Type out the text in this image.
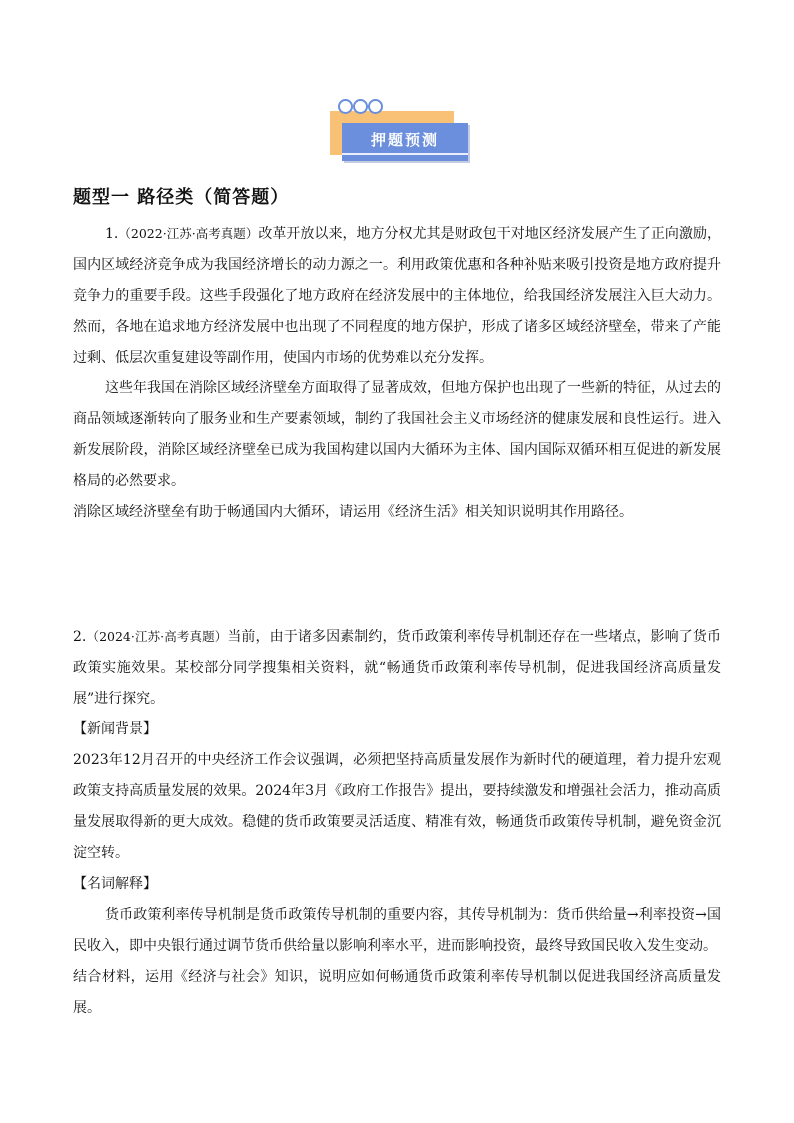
押题预测
题型一 路径类（简答题）

1.（2022·江苏·高考真题）改革开放以来，地方分权尤其是财政包干对地区经济发展产生了正向激励，国内区域经济竞争成为我国经济增长的动力源之一。利用政策优惠和各种补贴来吸引投资是地方政府提升竞争力的重要手段。这些手段强化了地方政府在经济发展中的主体地位，给我国经济发展注入巨大动力。然而，各地在追求地方经济发展中也出现了不同程度的地方保护，形成了诸多区域经济壁垒，带来了产能过剩、低层次重复建设等副作用，使国内市场的优势难以充分发挥。

这些年我国在消除区域经济壁垒方面取得了显著成效，但地方保护也出现了一些新的特征，从过去的商品领域逐渐转向了服务业和生产要素领域，制约了我国社会主义市场经济的健康发展和良性运行。进入新发展阶段，消除区域经济壁垒已成为我国构建以国内大循环为主体、国内国际双循环相互促进的新发展格局的必然要求。

消除区域经济壁垒有助于畅通国内大循环，请运用《经济生活》相关知识说明其作用路径。

2.（2024·江苏·高考真题）当前，由于诸多因素制约，货币政策利率传导机制还存在一些堵点，影响了货币政策实施效果。某校部分同学搜集相关资料，就“畅通货币政策利率传导机制，促进我国经济高质量发展”进行探究。

【新闻背景】

2023年12月召开的中央经济工作会议强调，必须把坚持高质量发展作为新时代的硬道理，着力提升宏观政策支持高质量发展的效果。2024年3月《政府工作报告》提出，要持续激发和增强社会活力，推动高质量发展取得新的更大成效。稳健的货币政策要灵活适度、精准有效，畅通货币政策传导机制，避免资金沉淀空转。

【名词解释】

货币政策利率传导机制是货币政策传导机制的重要内容，其传导机制为：货币供给量→利率投资→国民收入，即中央银行通过调节货币供给量以影响利率水平，进而影响投资，最终导致国民收入发生变动。

结合材料，运用《经济与社会》知识，说明应如何畅通货币政策利率传导机制以促进我国经济高质量发展。
